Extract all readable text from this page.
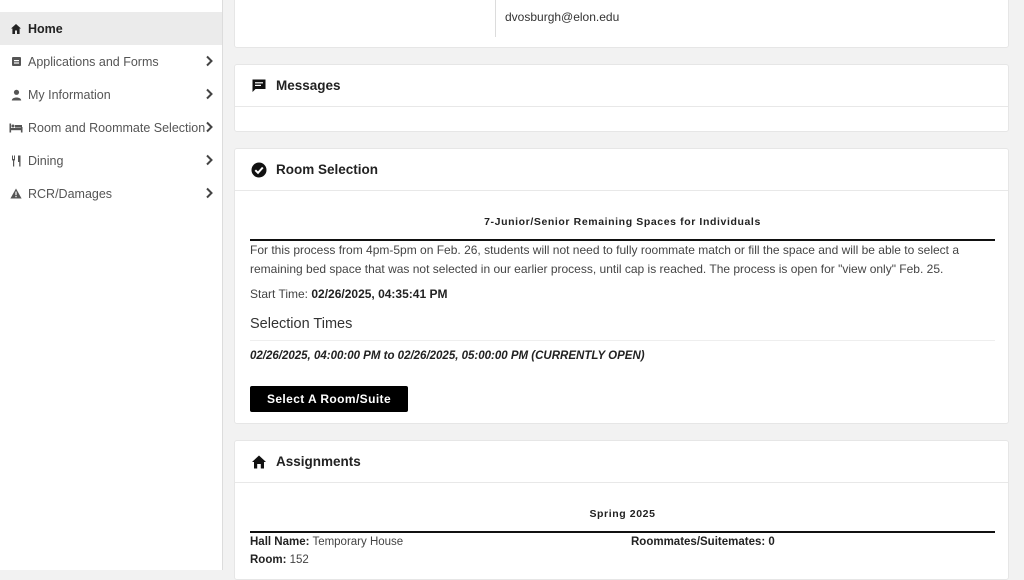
Home
Applications and Forms
My Information
Room and Roommate Selection
Dining
RCR/Damages
dvosburgh@elon.edu
Messages
Room Selection
7-Junior/Senior Remaining Spaces for Individuals
For this process from 4pm-5pm on Feb. 26, students will not need to fully roommate match or fill the space and will be able to select a
remaining bed space that was not selected in our earlier process, until cap is reached. The process is open for "view only" Feb. 25.
Start Time: 02/26/2025, 04:35:41 PM
Selection Times
02/26/2025, 04:00:00 PM to 02/26/2025, 05:00:00 PM (CURRENTLY OPEN)
Select A Room/Suite
Assignments
Spring 2025
Hall Name: Temporary House
Room: 152
Roommates/Suitemates: 0
